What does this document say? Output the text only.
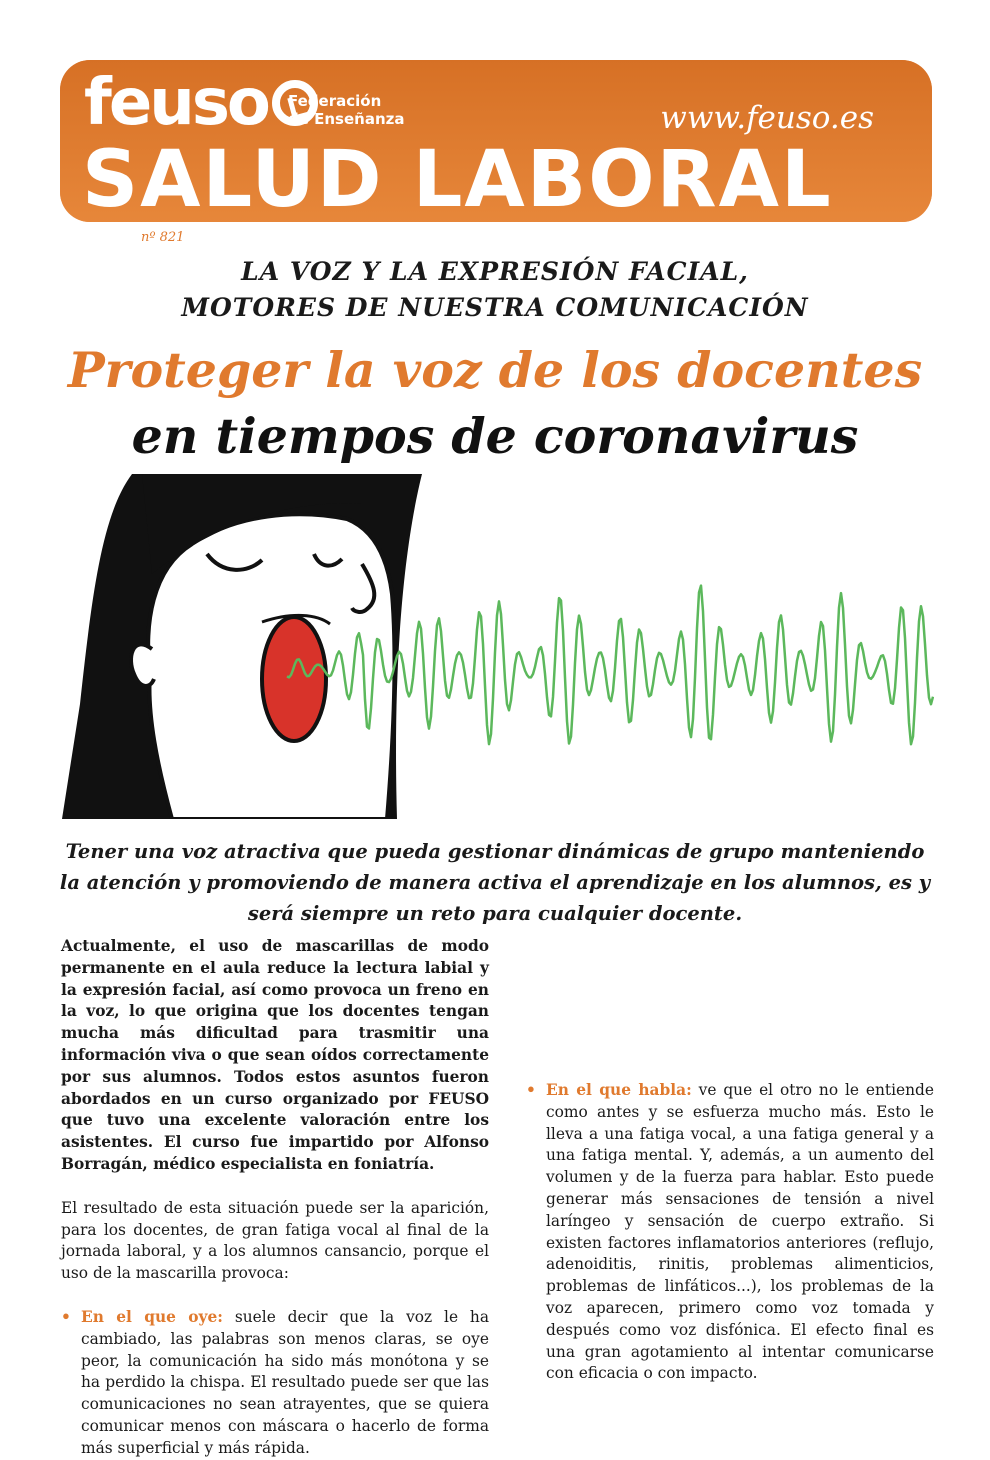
feuso Federación
de Enseñanza	www.feuso.es
SALUD LABORAL
nº 821
LA VOZ Y LA EXPRESIÓN FACIAL,
MOTORES DE NUESTRA COMUNICACIÓN
Proteger la voz de los docentes
en tiempos de coronavirus
Tener una voz atractiva que pueda gestionar dinámicas de grupo manteniendo
la atención y promoviendo de manera activa el aprendizaje en los alumnos, es y
será siempre un reto para cualquier docente.

Actualmente, el uso de mascarillas de modo permanente en el aula reduce la lectura labial y la expresión facial, así como provoca un freno en la voz, lo que origina que los docentes tengan mucha más dificultad para trasmitir una información viva o que sean oídos correctamente por sus alumnos. Todos estos asuntos fueron abordados en un curso organizado por FEUSO que tuvo una excelente valoración entre los asistentes. El curso fue impartido por Alfonso Borragán, médico especialista en foniatría.

El resultado de esta situación puede ser la aparición, para los docentes, de gran fatiga vocal al final de la jornada laboral, y a los alumnos cansancio, porque el uso de la mascarilla provoca:

• En el que oye: suele decir que la voz le ha cambiado, las palabras son menos claras, se oye peor, la comunicación ha sido más monótona y se ha perdido la chispa. El resultado puede ser que las comunicaciones no sean atrayentes, que se quiera comunicar menos con máscara o hacerlo de forma más superficial y más rápida.

• En el que habla: ve que el otro no le entiende como antes y se esfuerza mucho más. Esto le lleva a una fatiga vocal, a una fatiga general y a una fatiga mental. Y, además, a un aumento del volumen y de la fuerza para hablar. Esto puede generar más sensaciones de tensión a nivel laríngeo y sensación de cuerpo extraño. Si existen factores inflamatorios anteriores (reflujo, adenoiditis, rinitis, problemas alimenticios, problemas de linfáticos...), los problemas de la voz aparecen, primero como voz tomada y después como voz disfónica. El efecto final es una gran agotamiento al intentar comunicarse con eficacia o con impacto.
